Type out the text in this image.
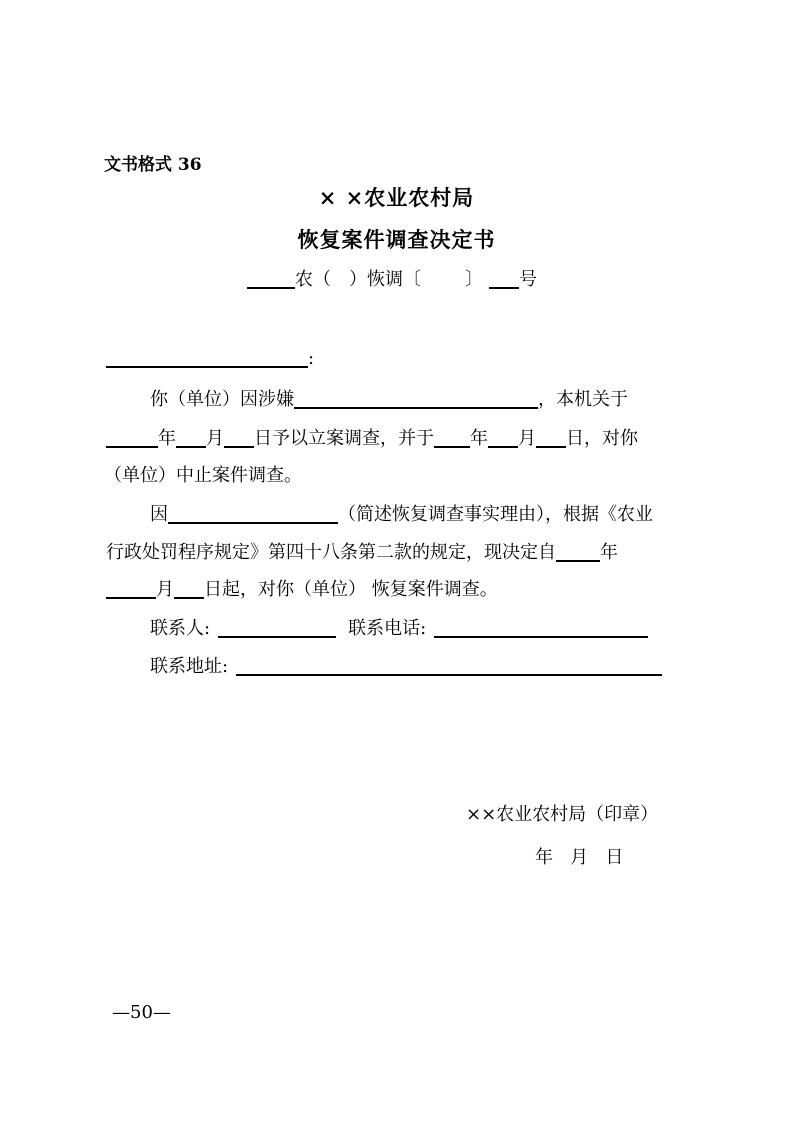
文书格式 36
× ×农业农村局
恢复案件调查决定书
农（ ）恢调〔 〕 号
:
你（单位）因涉嫌	，本机关于
年 月 日予以立案调查，并于 年 月 日，对你
（单位）中止案件调查。
因	（简述恢复调查事实理由），根据《农业
行政处罚程序规定》第四十八条第二款的规定，现决定自 年
月 日起，对你（单位） 恢复案件调查。
联系人:	联系电话:
联系地址:
××农业农村局（印章）
年   月   日
—50—
